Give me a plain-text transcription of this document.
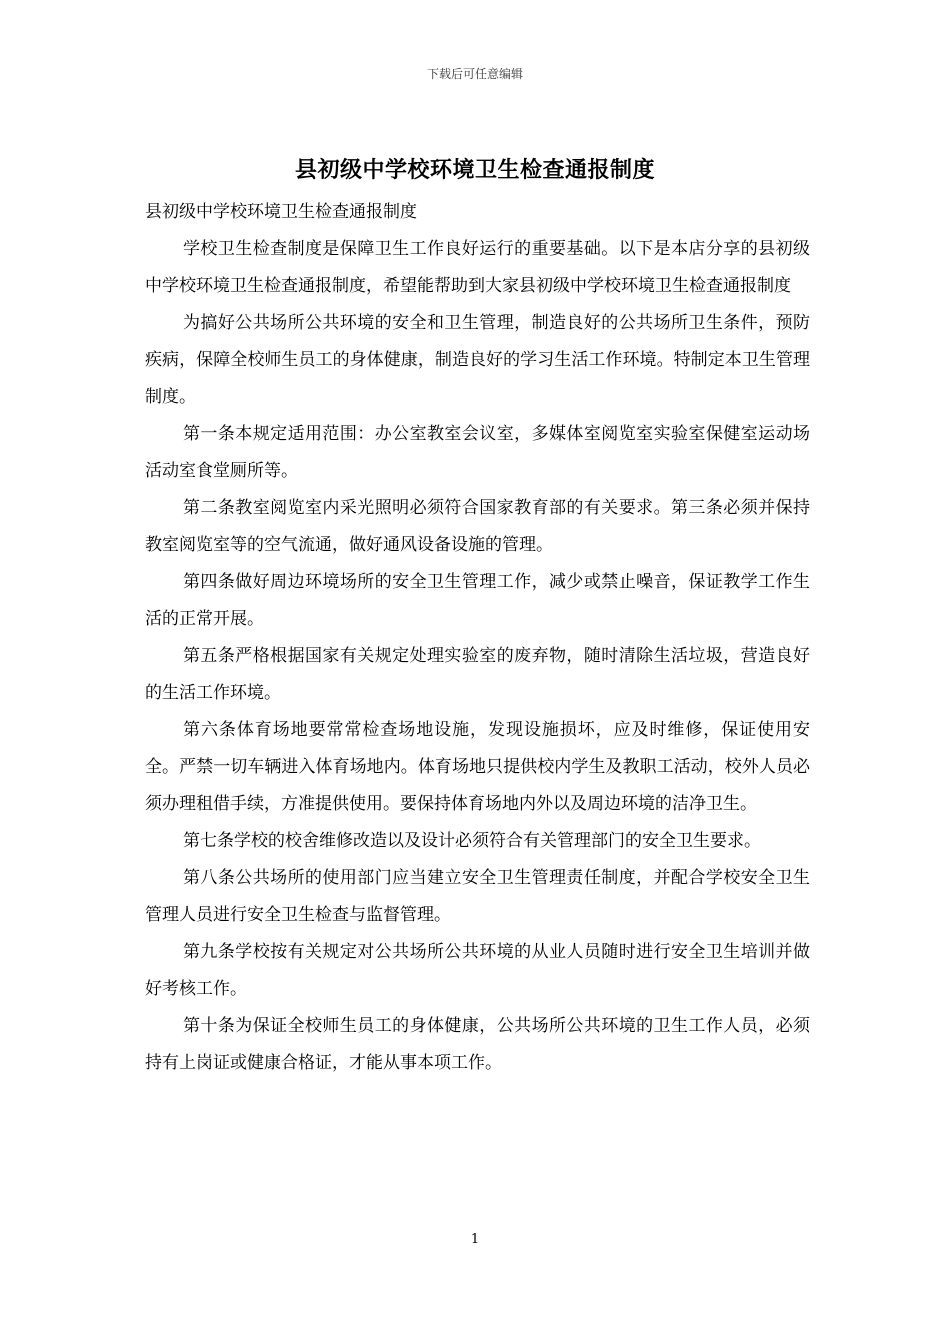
下载后可任意编辑
县初级中学校环境卫生检查通报制度

县初级中学校环境卫生检查通报制度

学校卫生检查制度是保障卫生工作良好运行的重要基础。以下是本店分享的县初级中学校环境卫生检查通报制度，希望能帮助到大家县初级中学校环境卫生检查通报制度

为搞好公共场所公共环境的安全和卫生管理，制造良好的公共场所卫生条件，预防疾病，保障全校师生员工的身体健康，制造良好的学习生活工作环境。特制定本卫生管理制度。

第一条本规定适用范围：办公室教室会议室，多媒体室阅览室实验室保健室运动场活动室食堂厕所等。

第二条教室阅览室内采光照明必须符合国家教育部的有关要求。第三条必须并保持教室阅览室等的空气流通，做好通风设备设施的管理。

第四条做好周边环境场所的安全卫生管理工作，减少或禁止噪音，保证教学工作生活的正常开展。

第五条严格根据国家有关规定处理实验室的废弃物，随时清除生活垃圾，营造良好的生活工作环境。

第六条体育场地要常常检查场地设施，发现设施损坏，应及时维修，保证使用安全。严禁一切车辆进入体育场地内。体育场地只提供校内学生及教职工活动，校外人员必须办理租借手续，方准提供使用。要保持体育场地内外以及周边环境的洁净卫生。

第七条学校的校舍维修改造以及设计必须符合有关管理部门的安全卫生要求。

第八条公共场所的使用部门应当建立安全卫生管理责任制度，并配合学校安全卫生管理人员进行安全卫生检查与监督管理。

第九条学校按有关规定对公共场所公共环境的从业人员随时进行安全卫生培训并做好考核工作。

第十条为保证全校师生员工的身体健康，公共场所公共环境的卫生工作人员，必须持有上岗证或健康合格证，才能从事本项工作。

1
